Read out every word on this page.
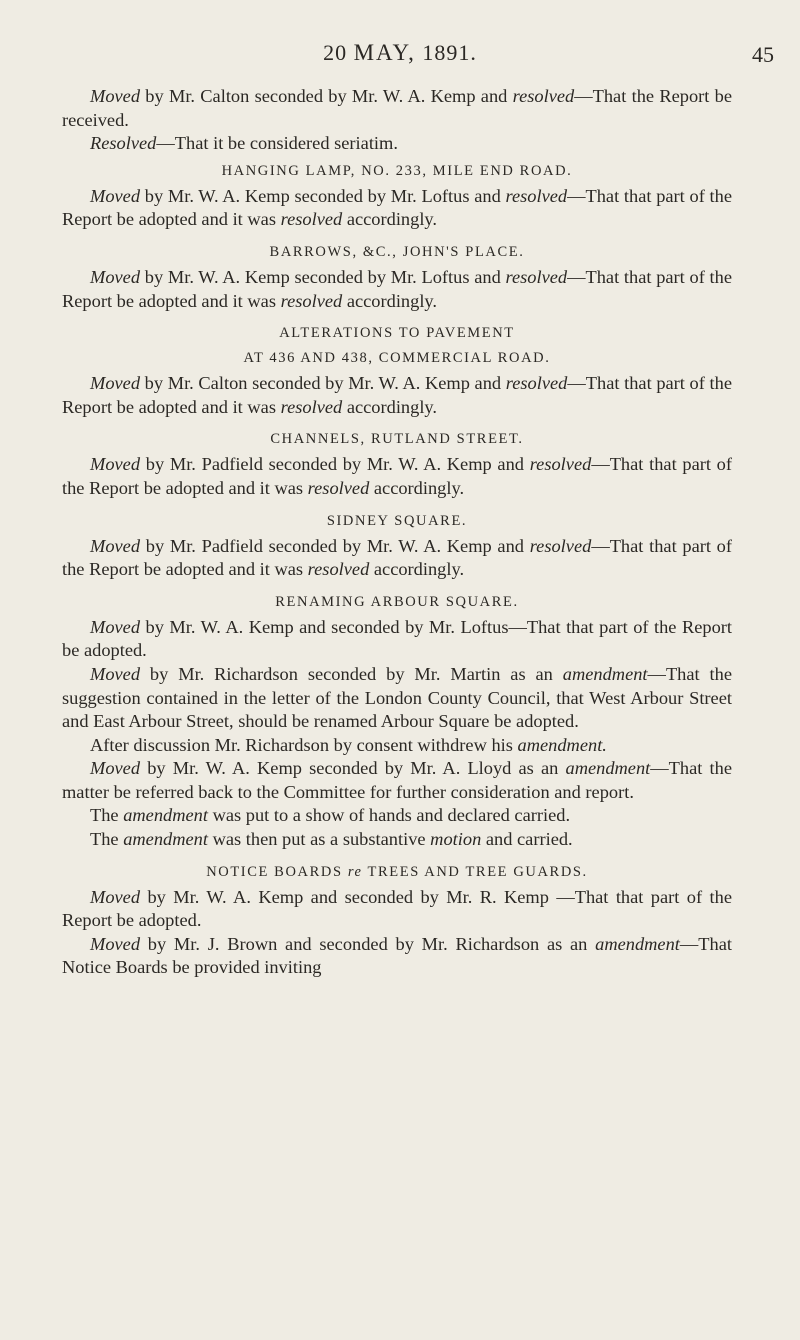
20 MAY, 1891.	45
Moved by Mr. Calton seconded by Mr. W. A. Kemp and resolved—That the Report be received.
Resolved—That it be considered seriatim.
HANGING LAMP, NO. 233, MILE END ROAD.
Moved by Mr. W. A. Kemp seconded by Mr. Loftus and resolved—That that part of the Report be adopted and it was resolved accordingly.
BARROWS, &C., JOHN'S PLACE.
Moved by Mr. W. A. Kemp seconded by Mr. Loftus and resolved—That that part of the Report be adopted and it was resolved accordingly.
ALTERATIONS TO PAVEMENT
AT 436 AND 438, COMMERCIAL ROAD.
Moved by Mr. Calton seconded by Mr. W. A. Kemp and resolved—That that part of the Report be adopted and it was resolved accordingly.
CHANNELS, RUTLAND STREET.
Moved by Mr. Padfield seconded by Mr. W. A. Kemp and resolved—That that part of the Report be adopted and it was resolved accordingly.
SIDNEY SQUARE.
Moved by Mr. Padfield seconded by Mr. W. A. Kemp and resolved—That that part of the Report be adopted and it was resolved accordingly.
RENAMING ARBOUR SQUARE.
Moved by Mr. W. A. Kemp and seconded by Mr. Loftus—That that part of the Report be adopted.
Moved by Mr. Richardson seconded by Mr. Martin as an amendment—That the suggestion contained in the letter of the London County Council, that West Arbour Street and East Arbour Street, should be renamed Arbour Square be adopted.
After discussion Mr. Richardson by consent withdrew his amendment.
Moved by Mr. W. A. Kemp seconded by Mr. A. Lloyd as an amendment—That the matter be referred back to the Committee for further consideration and report.
The amendment was put to a show of hands and declared carried.
The amendment was then put as a substantive motion and carried.
NOTICE BOARDS re TREES AND TREE GUARDS.
Moved by Mr. W. A. Kemp and seconded by Mr. R. Kemp —That that part of the Report be adopted.
Moved by Mr. J. Brown and seconded by Mr. Richardson as an amendment—That Notice Boards be provided inviting
